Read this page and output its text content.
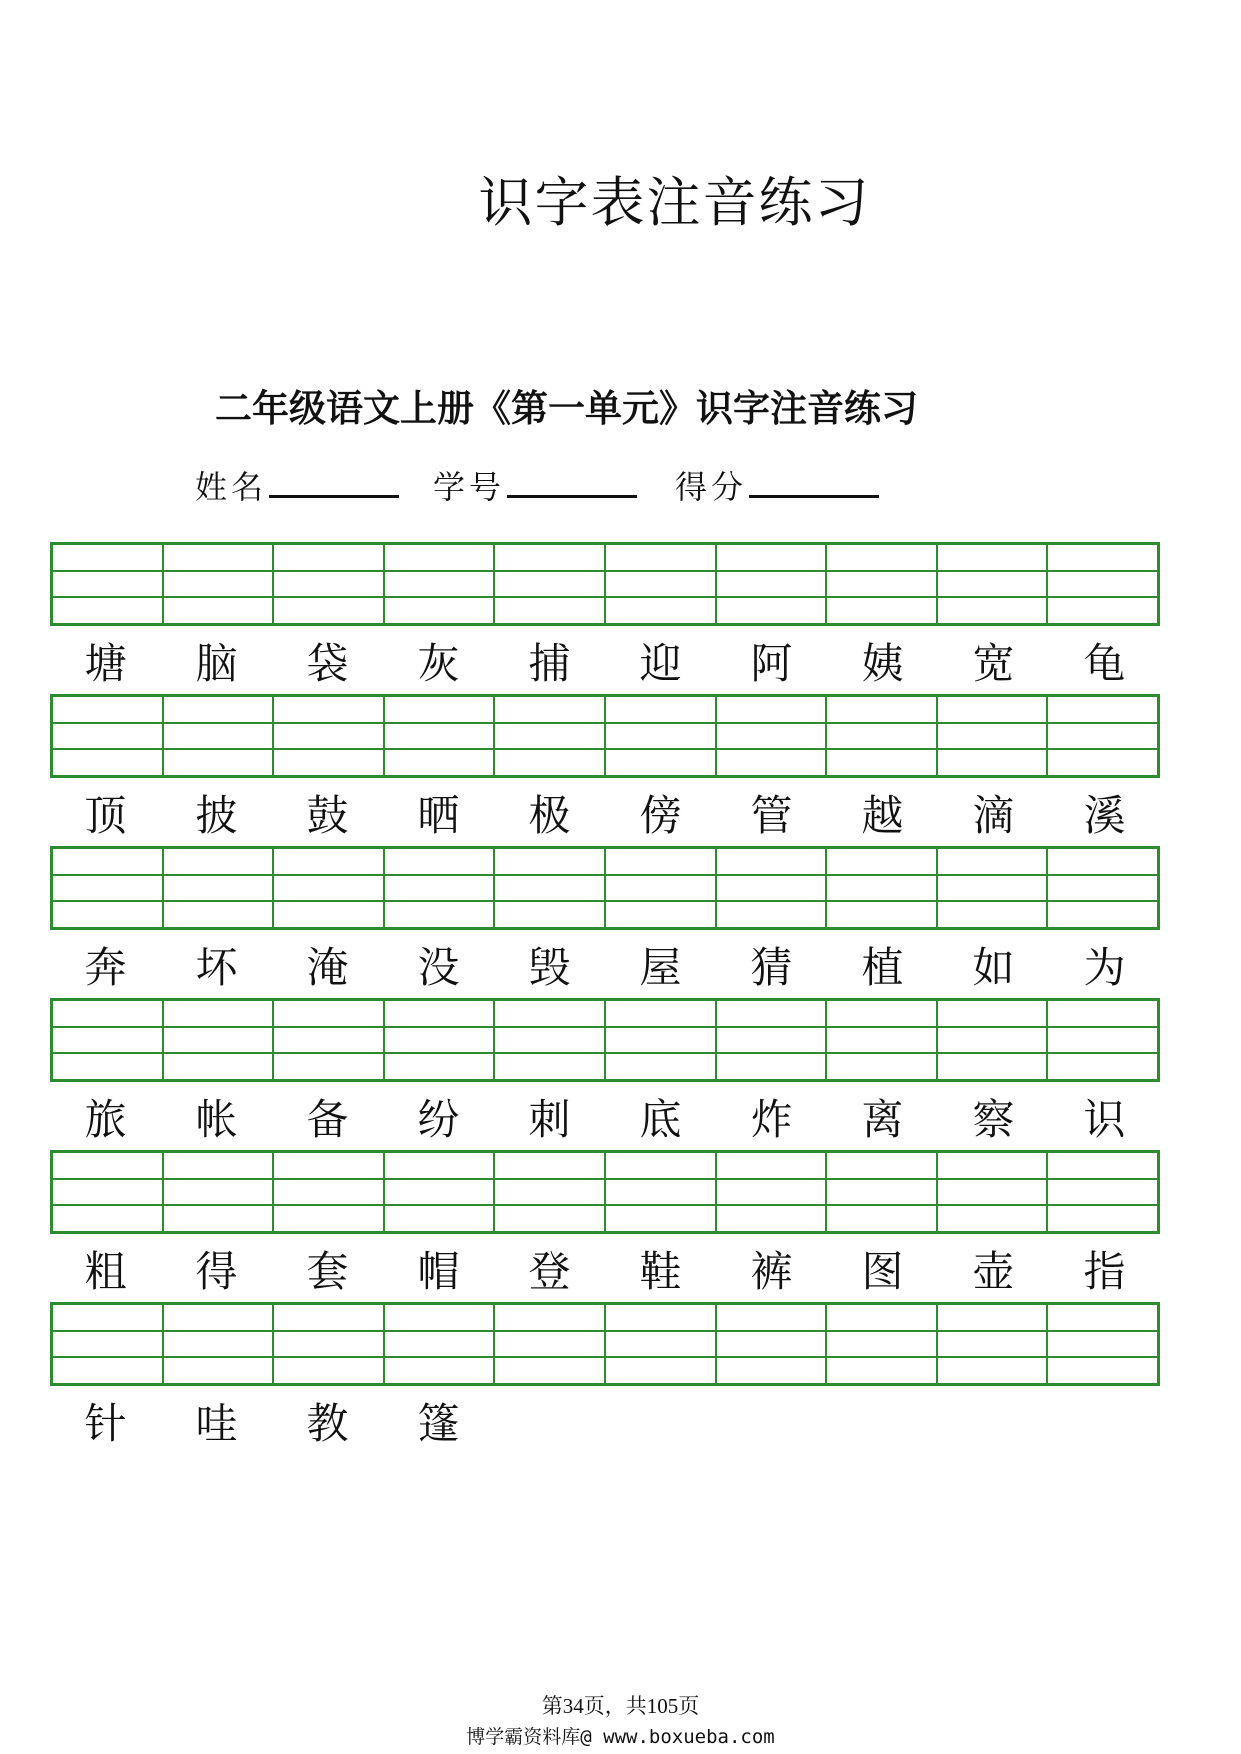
识字表注音练习
二年级语文上册《第一单元》识字注音练习
姓名	学号	得分
塘	脑	袋	灰	捕	迎	阿	姨	宽	龟
顶	披	鼓	晒	极	傍	管	越	滴	溪
奔	坏	淹	没	毁	屋	猜	植	如	为
旅	帐	备	纷	刺	底	炸	离	察	识
粗	得	套	帽	登	鞋	裤	图	壶	指
针	哇	教	篷
第34页，共105页
博学霸资料库@ www.boxueba.com
